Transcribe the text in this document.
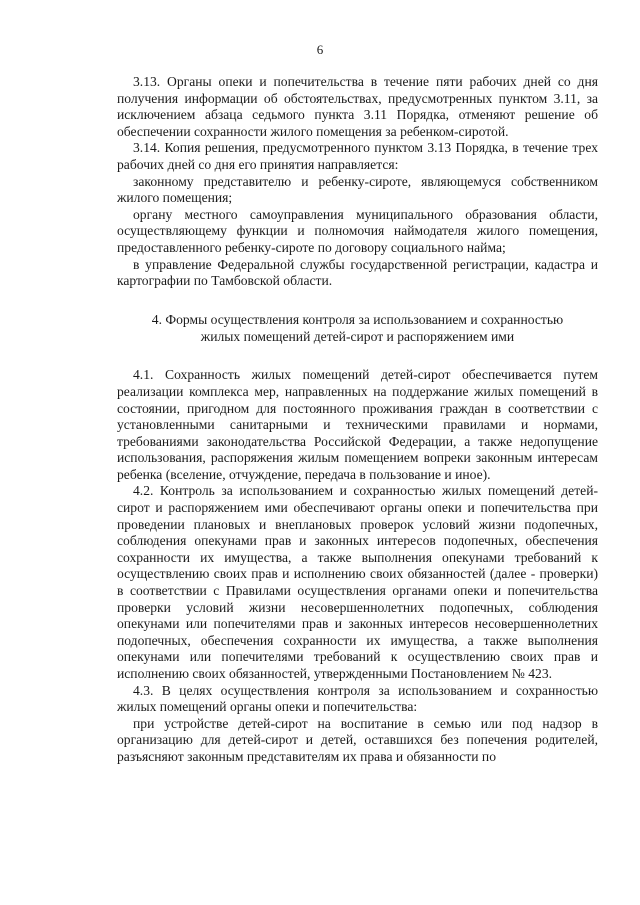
6

3.13. Органы опеки и попечительства в течение пяти рабочих дней со дня получения информации об обстоятельствах, предусмотренных пунктом 3.11, за исключением абзаца седьмого пункта 3.11 Порядка, отменяют решение об обеспечении сохранности жилого помещения за ребенком-сиротой.

3.14. Копия решения, предусмотренного пунктом 3.13 Порядка, в течение трех рабочих дней со дня его принятия направляется:

законному представителю и ребенку-сироте, являющемуся собственником жилого помещения;

органу местного самоуправления муниципального образования области, осуществляющему функции и полномочия наймодателя жилого помещения, предоставленного ребенку-сироте по договору социального найма;

в управление Федеральной службы государственной регистрации, кадастра и картографии по Тамбовской области.

4. Формы осуществления контроля за использованием и сохранностью
жилых помещений детей-сирот и распоряжением ими

4.1. Сохранность жилых помещений детей-сирот обеспечивается путем реализации комплекса мер, направленных на поддержание жилых помещений в состоянии, пригодном для постоянного проживания граждан в соответствии с установленными санитарными и техническими правилами и нормами, требованиями законодательства Российской Федерации, а также недопущение использования, распоряжения жилым помещением вопреки законным интересам ребенка (вселение, отчуждение, передача в пользование и иное).

4.2. Контроль за использованием и сохранностью жилых помещений детей-сирот и распоряжением ими обеспечивают органы опеки и попечительства при проведении плановых и внеплановых проверок условий жизни подопечных, соблюдения опекунами прав и законных интересов подопечных, обеспечения сохранности их имущества, а также выполнения опекунами требований к осуществлению своих прав и исполнению своих обязанностей (далее - проверки) в соответствии с Правилами осуществления органами опеки и попечительства проверки условий жизни несовершеннолетних подопечных, соблюдения опекунами или попечителями прав и законных интересов несовершеннолетних подопечных, обеспечения сохранности их имущества, а также выполнения опекунами или попечителями требований к осуществлению своих прав и исполнению своих обязанностей, утвержденными Постановлением № 423.

4.3. В целях осуществления контроля за использованием и сохранностью жилых помещений органы опеки и попечительства:

при устройстве детей-сирот на воспитание в семью или под надзор в организацию для детей-сирот и детей, оставшихся без попечения родителей, разъясняют законным представителям их права и обязанности по
